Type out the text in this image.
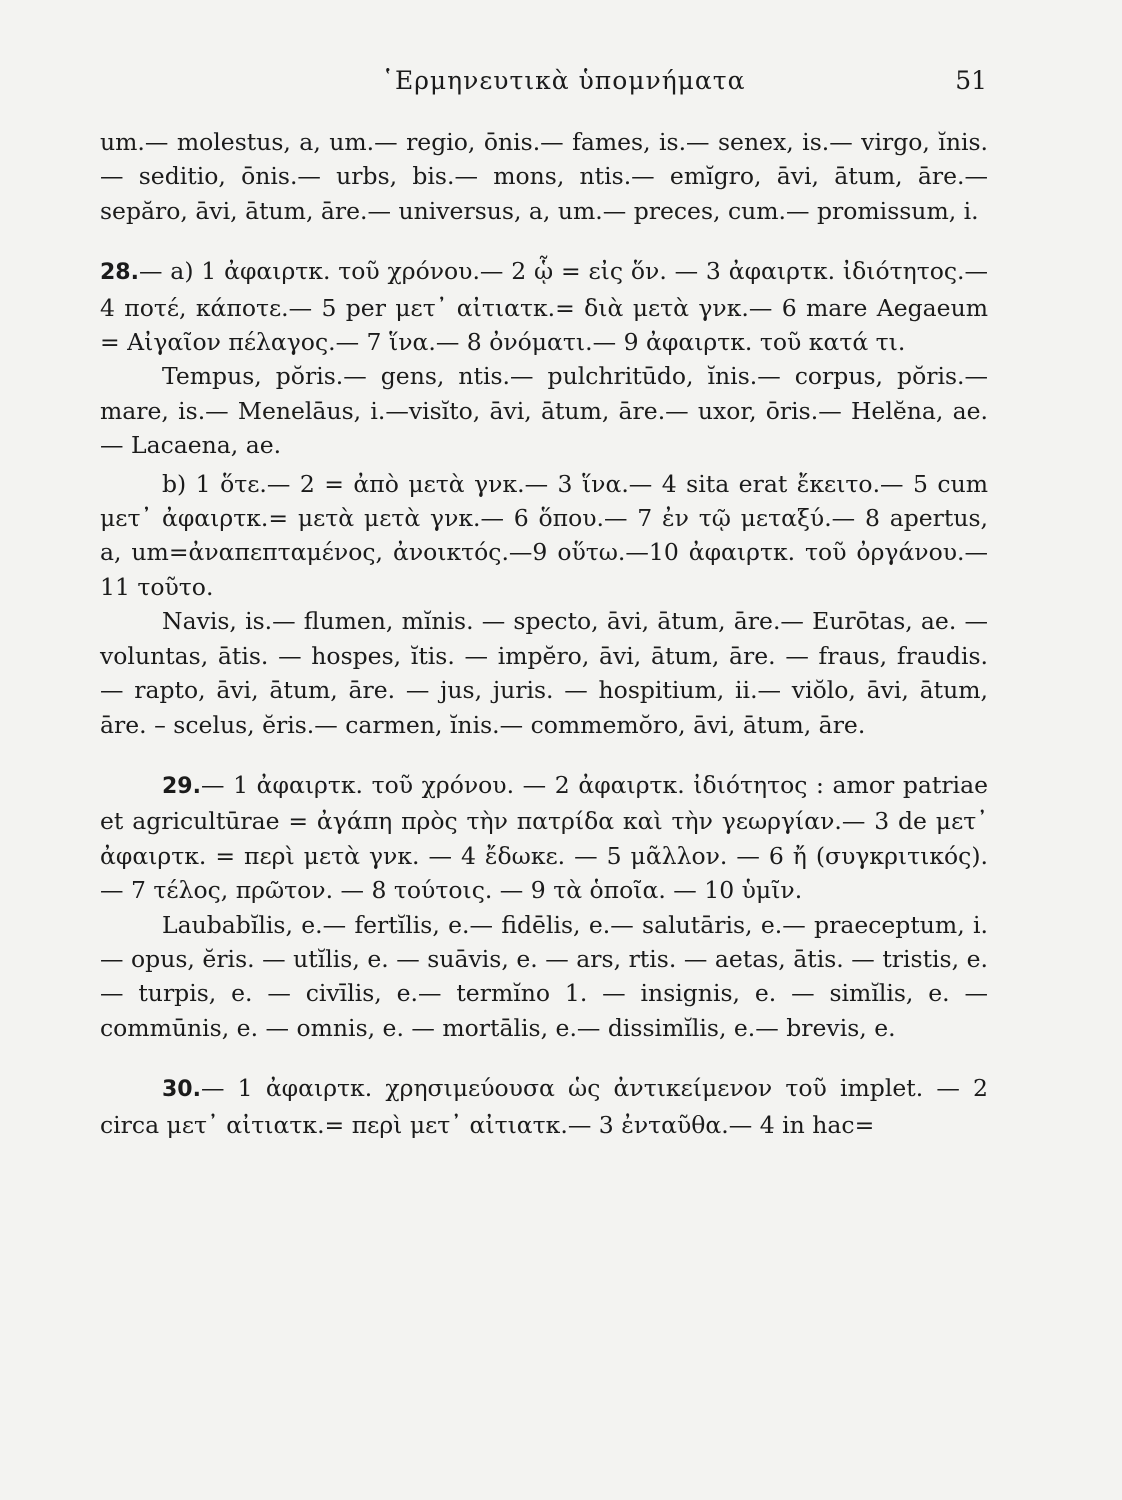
῾Ερμηνευτικὰ ὑπομνήματα	51

um.— molestus, a, um.— regio, ōnis.— fames, is.— senex, is.— virgo, ĭnis.— seditio, ōnis.— urbs, bis.— mons, ntis.— emĭgro, āvi, ātum, āre.— sepăro, āvi, ātum, āre.— universus, a, um.— preces, cum.— promissum, i.

28.— a) 1 ἀφαιρτκ. τοῦ χρόνου.— 2 ᾧ = εἰς ὅν. — 3 ἀφαιρτκ. ἰδιότητος.— 4 ποτέ, κάποτε.— 5 per μετ᾿ αἰτιατκ.= διὰ μετὰ γνκ.— 6 mare Aegaeum = Αἰγαῖον πέλαγος.— 7 ἵνα.— 8 ὀνόματι.— 9 ἀφαιρτκ. τοῦ κατά τι.

Tempus, pŏris.— gens, ntis.— pulchritūdo, ĭnis.— corpus, pŏris.— mare, is.— Menelāus, i.—visĭto, āvi, ātum, āre.— uxor, ōris.— Helĕna, ae.— Lacaena, ae.

b) 1 ὅτε.— 2 = ἀπὸ μετὰ γνκ.— 3 ἵνα.— 4 sita erat ἔκειτο.— 5 cum μετ᾿ ἀφαιρτκ.= μετὰ μετὰ γνκ.— 6 ὅπου.— 7 ἐν τῷ μεταξύ.— 8 apertus, a, um=ἀναπεπταμένος, ἀνοικτός.—9 οὕτω.—10 ἀφαιρτκ. τοῦ ὀργάνου.— 11 τοῦτο.

Navis, is.— flumen, mĭnis. — specto, āvi, ātum, āre.— Eurōtas, ae. — voluntas, ātis. — hospes, ĭtis. — impĕro, āvi, ātum, āre. — fraus, fraudis. — rapto, āvi, ātum, āre. — jus, juris. — hospitium, ii.— viŏlo, āvi, ātum, āre. – scelus, ĕris.— carmen, ĭnis.— commemŏro, āvi, ātum, āre.

29.— 1 ἀφαιρτκ. τοῦ χρόνου. — 2 ἀφαιρτκ. ἰδιότητος : amor patriae et agricultūrae = ἀγάπη πρὸς τὴν πατρίδα καὶ τὴν γεωργίαν.— 3 de μετ᾿ ἀφαιρτκ. = περὶ μετὰ γνκ. — 4 ἔδωκε. — 5 μᾶλλον. — 6 ἤ (συγκριτικός). — 7 τέλος, πρῶτον. — 8 τούτοις. — 9 τὰ ὁποῖα. — 10 ὑμῖν.

Laubabĭlis, e.— fertĭlis, e.— fidēlis, e.— salutāris, e.— praeceptum, i. — opus, ĕris. — utĭlis, e. — suāvis, e. — ars, rtis. — aetas, ātis. — tristis, e. — turpis, e. — civīlis, e.— termĭno 1. — insignis, e. — simĭlis, e. — commūnis, e. — omnis, e. — mortālis, e.— dissimĭlis, e.— brevis, e.

30.— 1 ἀφαιρτκ. χρησιμεύουσα ὡς ἀντικείμενον τοῦ implet. — 2 circa μετ᾿ αἰτιατκ.= περὶ μετ᾿ αἰτιατκ.— 3 ἐνταῦθα.— 4 in hac=
